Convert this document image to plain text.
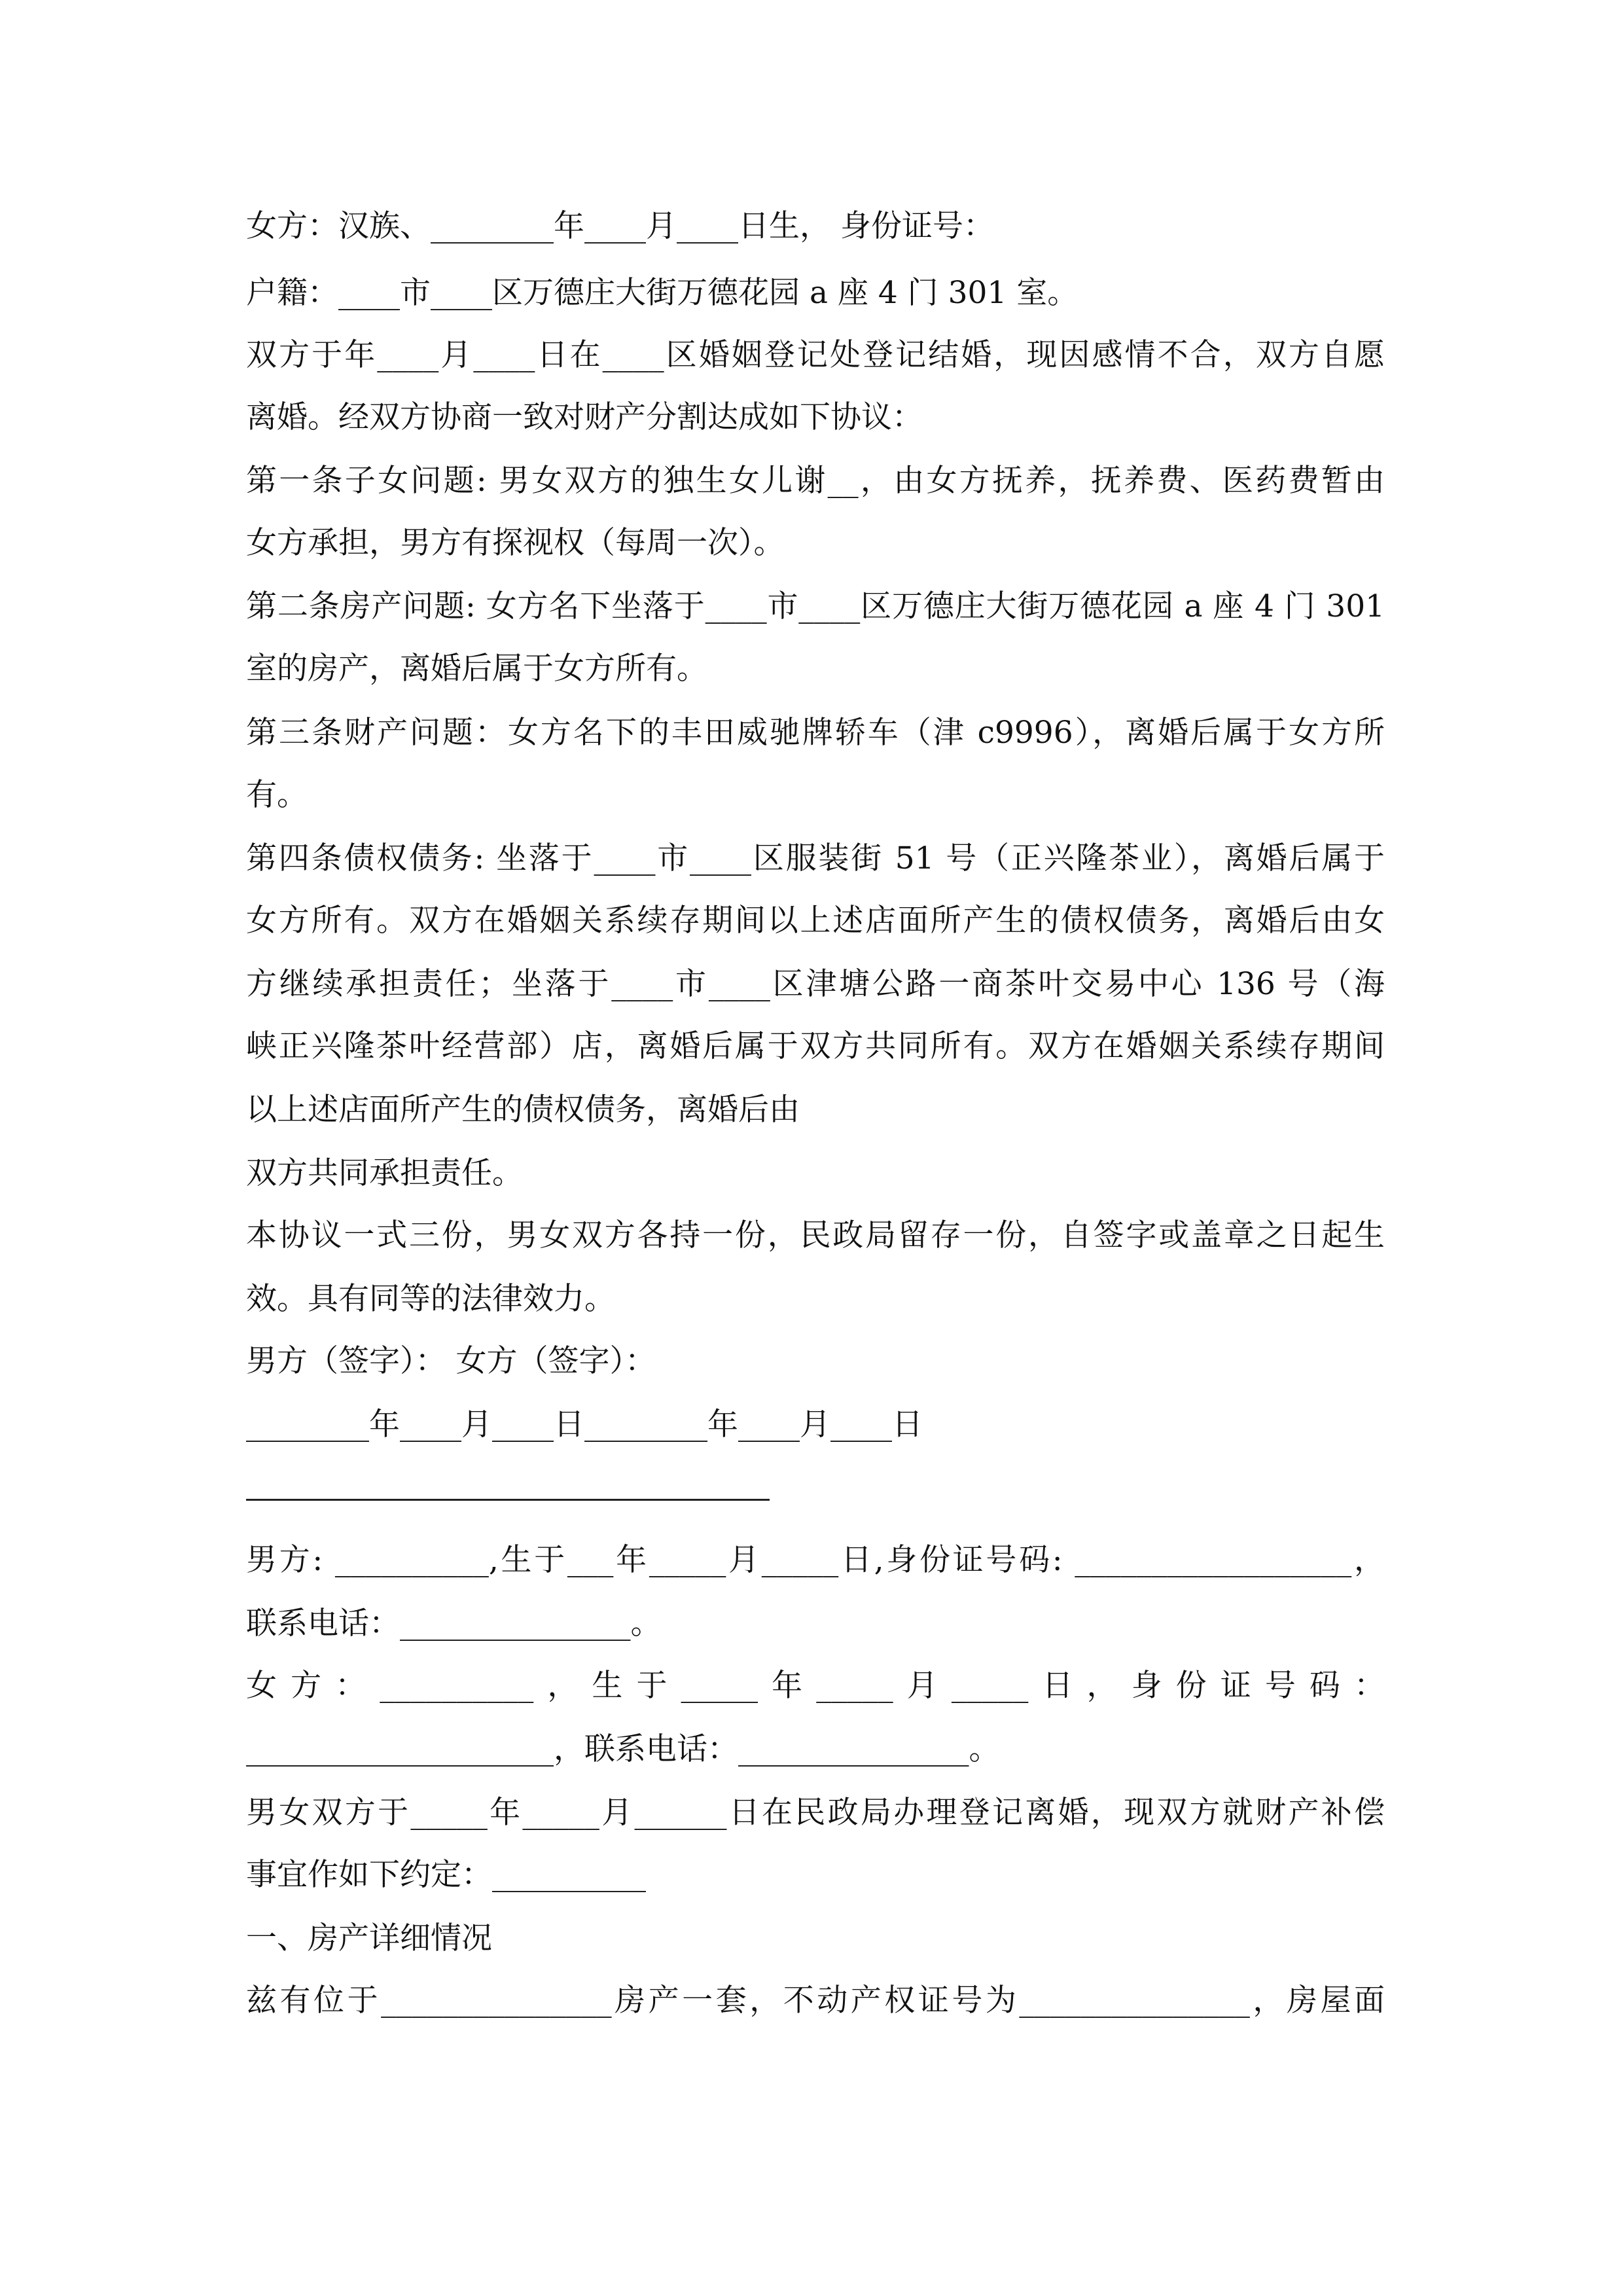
女方：汉族、________年____月____日生， 身份证号：
户籍：____市____区万德庄大街万德花园 a 座 4 门 301 室。
双方于年____月____日在____区婚姻登记处登记结婚，现因感情不合，双方自愿
离婚。经双方协商一致对财产分割达成如下协议：
第一条子女问题: 男女双方的独生女儿谢__，由女方抚养，抚养费、医药费暂由
女方承担，男方有探视权（每周一次）。
第二条房产问题: 女方名下坐落于____市____区万德庄大街万德花园 a 座 4 门 301
室的房产，离婚后属于女方所有。
第三条财产问题：女方名下的丰田威驰牌轿车（津 c9996），离婚后属于女方所
有。
第四条债权债务: 坐落于____市____区服装街 51 号（正兴隆茶业），离婚后属于
女方所有。双方在婚姻关系续存期间以上述店面所产生的债权债务，离婚后由女
方继续承担责任；坐落于____市____区津塘公路一商茶叶交易中心 136 号（海
峡正兴隆茶叶经营部）店，离婚后属于双方共同所有。双方在婚姻关系续存期间
以上述店面所产生的债权债务，离婚后由
双方共同承担责任。
本协议一式三份，男女双方各持一份，民政局留存一份，自签字或盖章之日起生
效。具有同等的法律效力。
男方（签字）： 女方（签字）：
________年____月____日________年____月____日
男方: __________,生于___年_____月_____日,身份证号码: __________________，
联系电话：_______________。
女方：__________，生于_____年_____月_____日，身份证号码：
____________________，联系电话：_______________。
男女双方于_____年_____月______日在民政局办理登记离婚，现双方就财产补偿
事宜作如下约定：__________
一、房产详细情况
兹有位于_______________房产一套，不动产权证号为_______________，房屋面
